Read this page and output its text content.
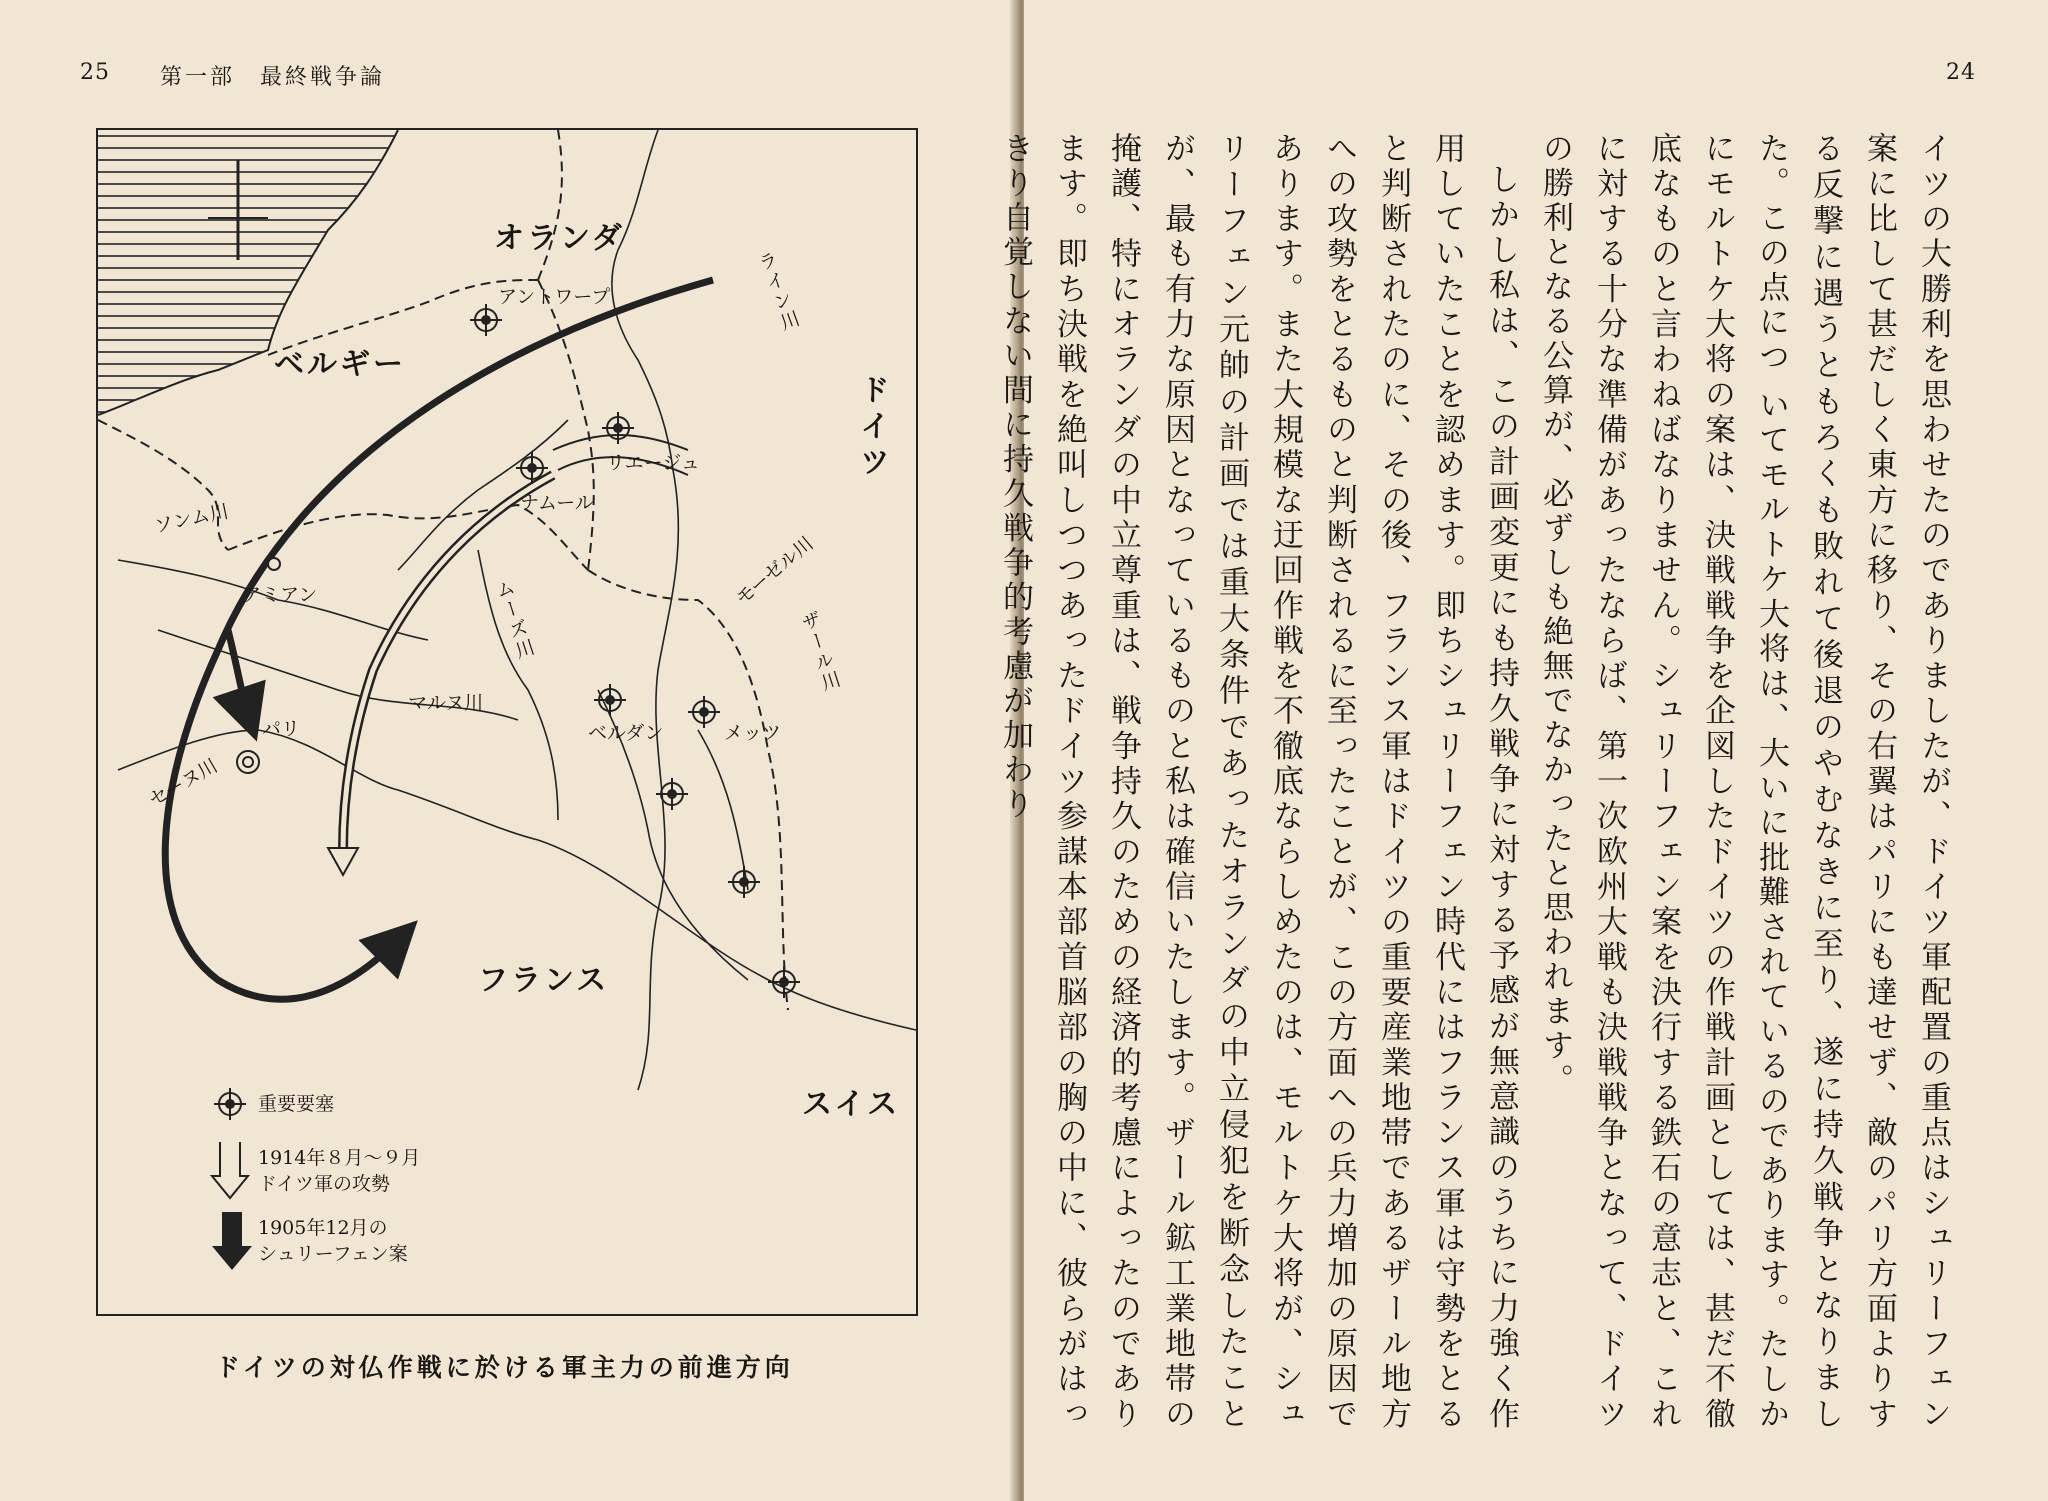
25 第一部　最終戦争論
オランダ
ベルギー
ドイツ
フランス
スイス
アントワープ
リエージュ
ナムール
アミアン
パリ	ベルダン	メッツ
ライン川
ソンム川
モーゼル川
ムーズ川	ザール川
マルヌ川
セーヌ川
重要要塞
1914年８月～９月
ドイツ軍の攻勢
1905年12月の
シュリーフェン案
ドイツの対仏作戦に於ける軍主力の前進方向
24

イツの大勝利を思わせたのでありましたが、ドイツ軍配置の重点はシュリーフェン案に比して甚だしく東方に移り、その右翼はパリにも達せず、敵のパリ方面よりする反撃に遇うともろくも敗れて後退のやむなきに至り、遂に持久戦争となりました。この点につ いてモルトケ大将は、大いに批難されているのであります。たしかにモルトケ大将の案は、決戦戦争を企図したドイツの作戦計画としては、甚だ不徹底なものと言わねばなりません。シュリーフェン案を決行する鉄石の意志と、これに対する十分な準備があったならば、第一次欧州大戦も決戦戦争となって、ドイツの勝利となる公算が、必ずしも絶無でなかったと思われます。

しかし私は、この計画変更にも持久戦争に対する予感が無意識のうちに力強く作用していたことを認めます。即ちシュリーフェン時代にはフランス軍は守勢をとると判断されたのに、その後、フランス軍はドイツの重要産業地帯であるザール地方への攻勢をとるものと判断されるに至ったことが、この方面への兵力増加の原因であります。また大規模な迂回作戦を不徹底ならしめたのは、モルトケ大将が、シュリーフェン元帥の計画では重大条件であったオランダの中立侵犯を断念したことが、最も有力な原因となっているものと私は確信いたします。ザール鉱工業地帯の掩護、特にオランダの中立尊重は、戦争持久のための経済的考慮によったのであります。即ち決戦を絶叫しつつあったドイツ参謀本部首脳部の胸の中に、彼らがはっきり自覚しない間に持久戦争的考慮が加わり
